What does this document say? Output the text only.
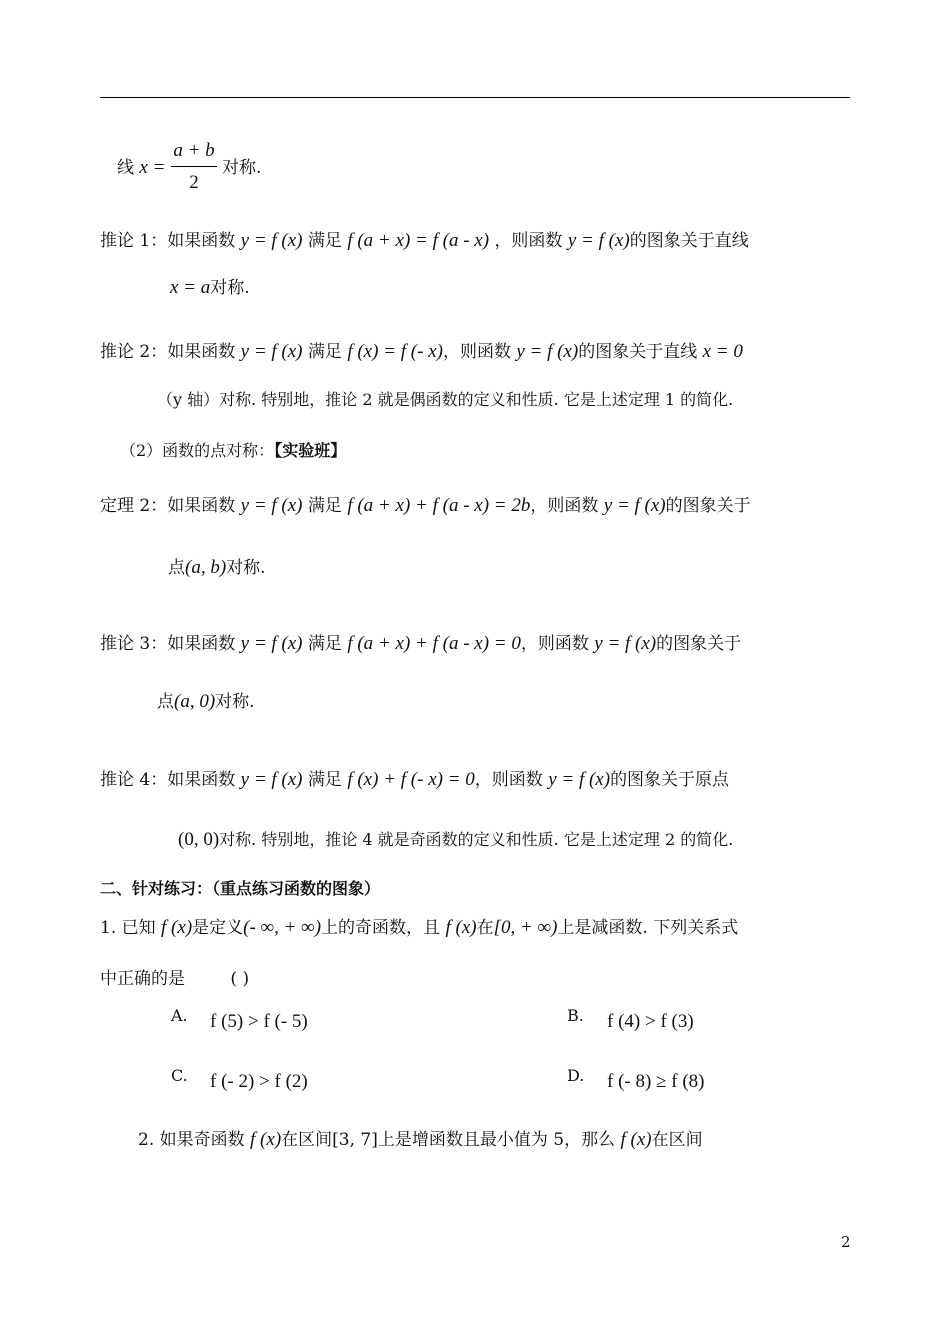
线 x =
a + b
2
对称.
推论 1：如果函数 y = f (x) 满足 f (a + x) = f (a - x) ，则函数 y = f (x)的图象关于直线
x = a对称.
推论 2：如果函数 y = f (x) 满足 f (x) = f (- x)，则函数 y = f (x)的图象关于直线 x = 0
（y 轴）对称. 特别地，推论 2 就是偶函数的定义和性质. 它是上述定理 1 的简化.
（2）函数的点对称：【实验班】
定理 2：如果函数 y = f (x) 满足 f (a + x) + f (a - x) = 2b，则函数 y = f (x)的图象关于
点(a, b)对称.
推论 3：如果函数 y = f (x) 满足 f (a + x) + f (a - x) = 0，则函数 y = f (x)的图象关于
点(a, 0)对称.
推论 4：如果函数 y = f (x) 满足 f (x) + f (- x) = 0，则函数 y = f (x)的图象关于原点
(0, 0)对称. 特别地，推论 4 就是奇函数的定义和性质. 它是上述定理 2 的简化.
二、针对练习：（重点练习函数的图象）
1. 已知 f (x)是定义(- ∞, + ∞)上的奇函数，且 f (x)在[0, + ∞)上是减函数. 下列关系式
中正确的是	( )
A. f (5) > f (- 5)	B. f (4) > f (3)
C. f (- 2) > f (2)	D. f (- 8) ≥ f (8)
2. 如果奇函数 f (x)在区间[3, 7]上是增函数且最小值为 5，那么 f (x)在区间
2
